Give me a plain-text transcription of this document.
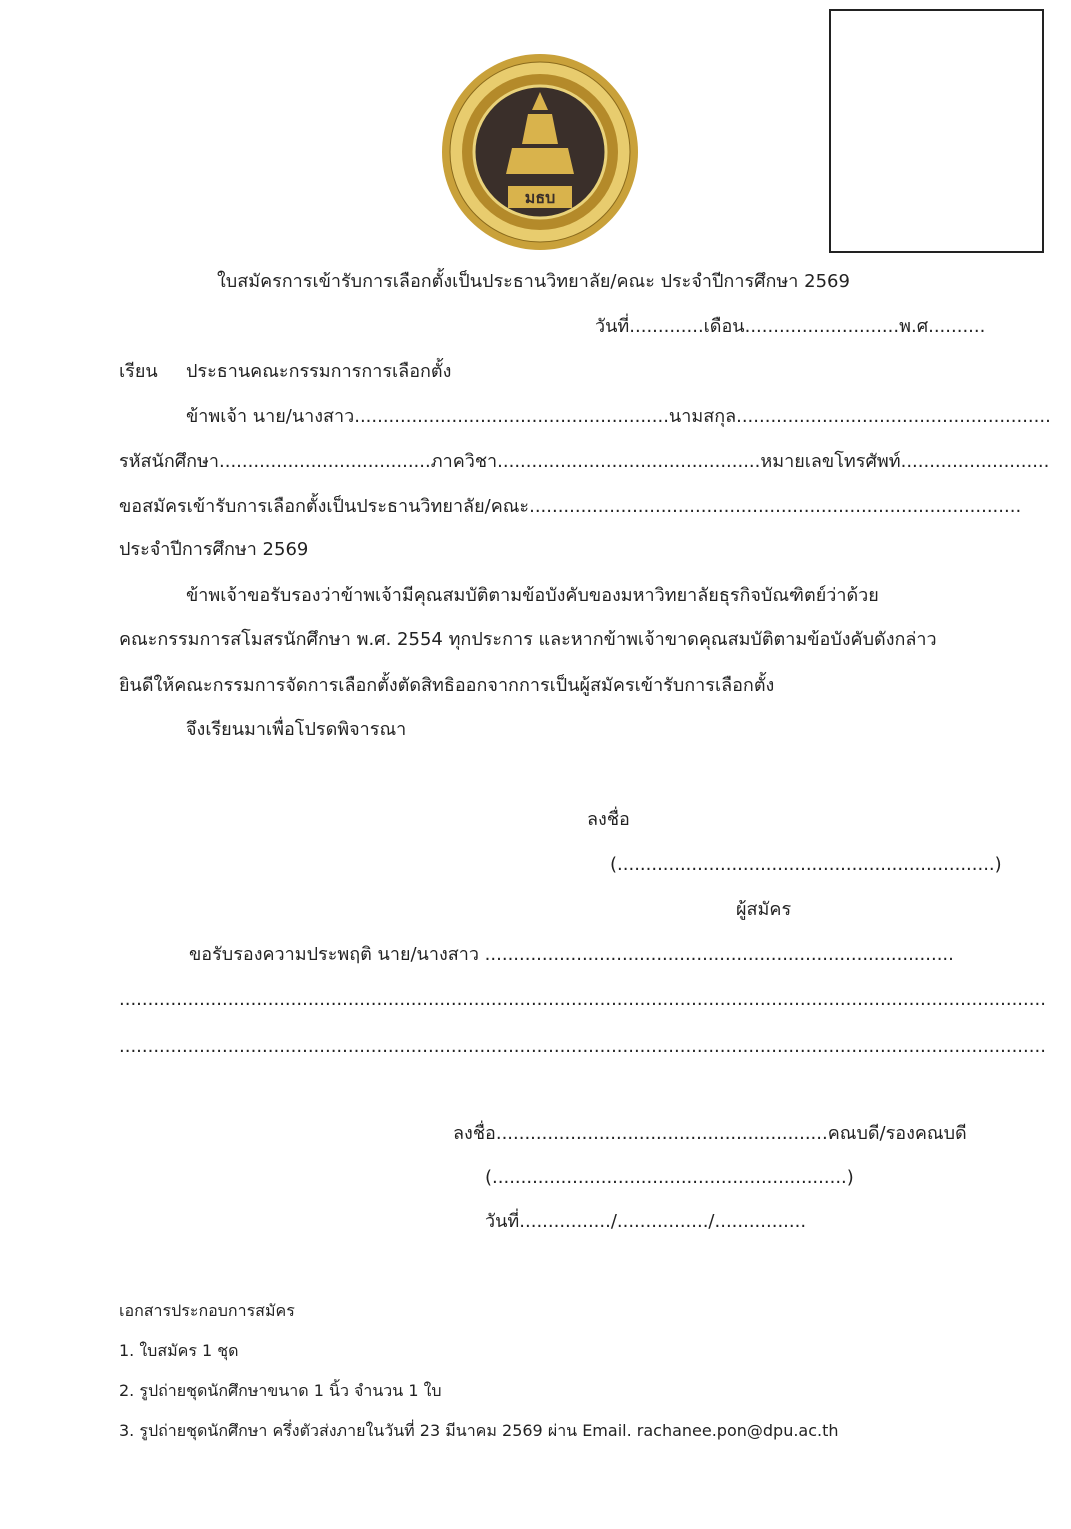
มธบ
ใบสมัครการเข้ารับการเลือกตั้งเป็นประธานวิทยาลัย/คณะ ประจำปีการศึกษา 2569
วันที่.............เดือน...........................พ.ศ..........
เรียน ประธานคณะกรรมการการเลือกตั้ง
ข้าพเจ้า นาย/นางสาว.......................................................นามสกุล.......................................................
รหัสนักศึกษา.....................................ภาควิชา..............................................หมายเลขโทรศัพท์..........................
ขอสมัครเข้ารับการเลือกตั้งเป็นประธานวิทยาลัย/คณะ......................................................................................
ประจำปีการศึกษา 2569
ข้าพเจ้าขอรับรองว่าข้าพเจ้ามีคุณสมบัติตามข้อบังคับของมหาวิทยาลัยธุรกิจบัณฑิตย์ว่าด้วย
คณะกรรมการสโมสรนักศึกษา พ.ศ. 2554 ทุกประการ และหากข้าพเจ้าขาดคุณสมบัติตามข้อบังคับดังกล่าว
ยินดีให้คณะกรรมการจัดการเลือกตั้งตัดสิทธิออกจากการเป็นผู้สมัครเข้ารับการเลือกตั้ง
จึงเรียนมาเพื่อโปรดพิจารณา
ลงชื่อ
(..................................................................)
ผู้สมัคร
ขอรับรองความประพฤติ นาย/นางสาว ..................................................................................
..................................................................................................................................................................
..................................................................................................................................................................
ลงชื่อ..........................................................คณบดี/รองคณบดี
(..............................................................)
วันที่................/................/................
เอกสารประกอบการสมัคร
1. ใบสมัคร 1 ชุด
2. รูปถ่ายชุดนักศึกษาขนาด 1 นิ้ว จำนวน 1 ใบ
3. รูปถ่ายชุดนักศึกษา ครึ่งตัวส่งภายในวันที่ 23 มีนาคม 2569 ผ่าน Email. rachanee.pon@dpu.ac.th
